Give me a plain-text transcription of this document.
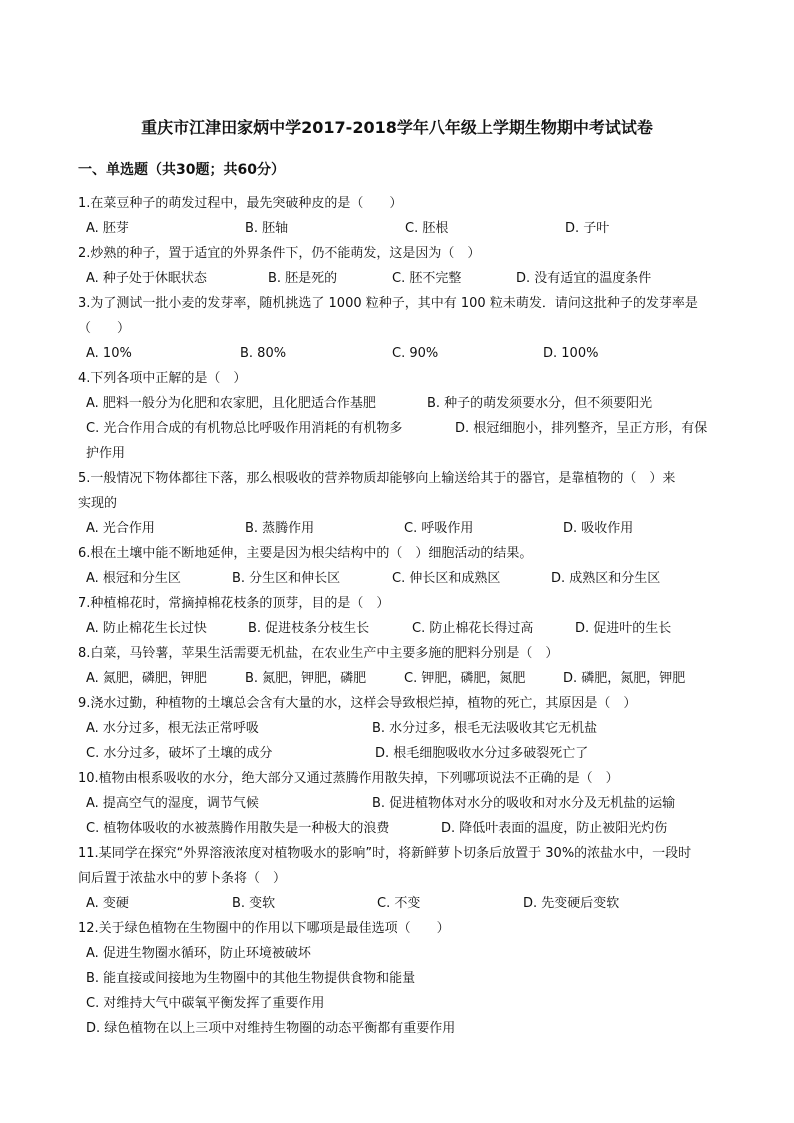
重庆市江津田家炳中学2017-2018学年八年级上学期生物期中考试试卷
一、单选题（共30题；共60分）
1.在菜豆种子的萌发过程中，最先突破种皮的是（　　）
A. 胚芽	B. 胚轴	C. 胚根	D. 子叶
2.炒熟的种子，置于适宜的外界条件下，仍不能萌发，这是因为（　）
A. 种子处于休眠状态	B. 胚是死的	C. 胚不完整	D. 没有适宜的温度条件
3.为了测试一批小麦的发芽率，随机挑选了 1000 粒种子，其中有 100 粒未萌发．请问这批种子的发芽率是
（　　）
A. 10%	B. 80%	C. 90%	D. 100%
4.下列各项中正解的是（　）
A. 肥料一般分为化肥和农家肥，且化肥适合作基肥	B. 种子的萌发须要水分，但不须要阳光
C. 光合作用合成的有机物总比呼吸作用消耗的有机物多	D. 根冠细胞小，排列整齐，呈正方形，有保
护作用
5.一般情况下物体都往下落，那么根吸收的营养物质却能够向上输送给其于的器官，是靠植物的（　）来
实现的
A. 光合作用	B. 蒸腾作用	C. 呼吸作用	D. 吸收作用
6.根在土壤中能不断地延伸，主要是因为根尖结构中的（　）细胞活动的结果。
A. 根冠和分生区	B. 分生区和伸长区	C. 伸长区和成熟区	D. 成熟区和分生区
7.种植棉花时，常摘掉棉花枝条的顶芽，目的是（　）
A. 防止棉花生长过快	B. 促进枝条分枝生长	C. 防止棉花长得过高	D. 促进叶的生长
8.白菜，马铃薯，苹果生活需要无机盐，在农业生产中主要多施的肥料分别是（　）
A. 氮肥，磷肥，钾肥	B. 氮肥，钾肥，磷肥	C. 钾肥，磷肥，氮肥	D. 磷肥，氮肥，钾肥
9.浇水过勤，种植物的土壤总会含有大量的水，这样会导致根烂掉，植物的死亡，其原因是（　）
A. 水分过多，根无法正常呼吸	B. 水分过多，根毛无法吸收其它无机盐
C. 水分过多，破坏了土壤的成分	D. 根毛细胞吸收水分过多破裂死亡了
10.植物由根系吸收的水分，绝大部分又通过蒸腾作用散失掉，下列哪项说法不正确的是（　）
A. 提高空气的湿度，调节气候	B. 促进植物体对水分的吸收和对水分及无机盐的运输
C. 植物体吸收的水被蒸腾作用散失是一种极大的浪费	D. 降低叶表面的温度，防止被阳光灼伤
11.某同学在探究“外界溶液浓度对植物吸水的影响”时，将新鲜萝卜切条后放置于 30%的浓盐水中，一段时
间后置于浓盐水中的萝卜条将（　）
A. 变硬	B. 变软	C. 不变	D. 先变硬后变软
12.关于绿色植物在生物圈中的作用以下哪项是最佳选项（　　）
A. 促进生物圈水循环，防止环境被破坏
B. 能直接或间接地为生物圈中的其他生物提供食物和能量
C. 对维持大气中碳氧平衡发挥了重要作用
D. 绿色植物在以上三项中对维持生物圈的动态平衡都有重要作用
